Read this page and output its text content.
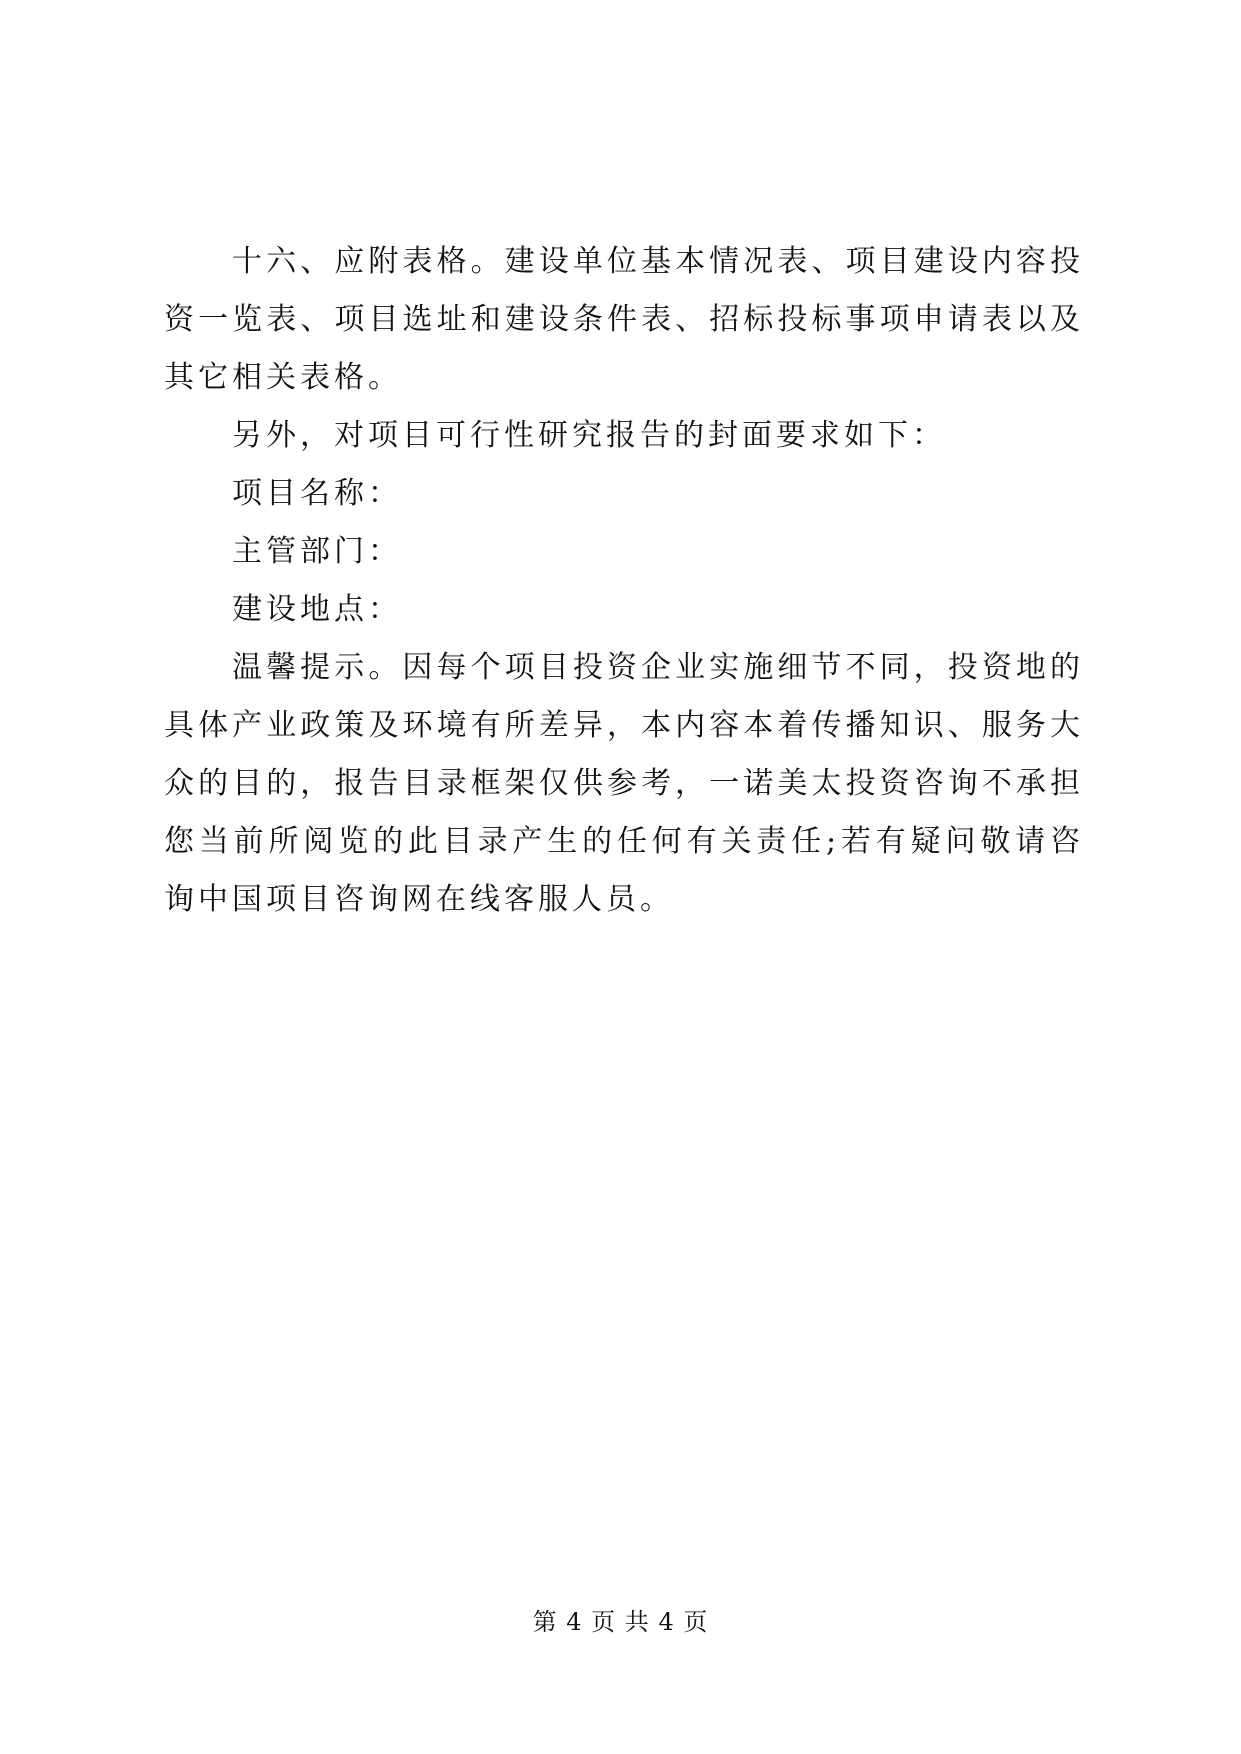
十六、应附表格。建设单位基本情况表、项目建设内容投资一览表、项目选址和建设条件表、招标投标事项申请表以及其它相关表格。

另外，对项目可行性研究报告的封面要求如下：

项目名称：

主管部门：

建设地点：

温馨提示。因每个项目投资企业实施细节不同，投资地的具体产业政策及环境有所差异，本内容本着传播知识、服务大众的目的，报告目录框架仅供参考，一诺美太投资咨询不承担您当前所阅览的此目录产生的任何有关责任;若有疑问敬请咨询中国项目咨询网在线客服人员。

第 4 页 共 4 页
